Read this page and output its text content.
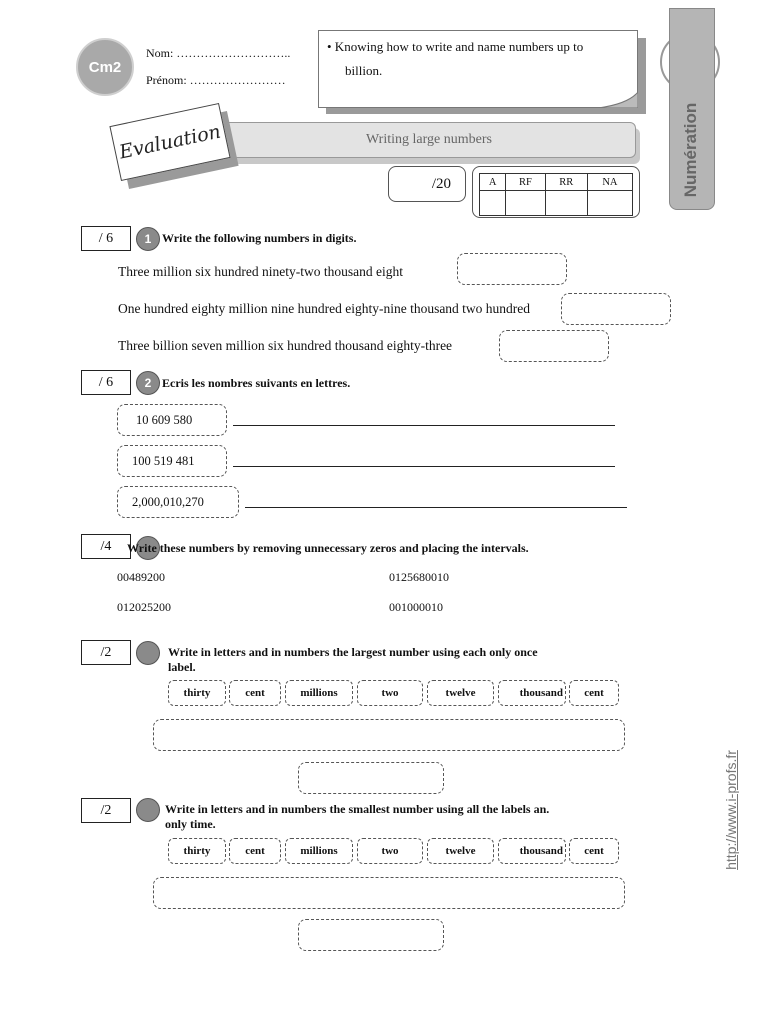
Cm2
Nom: ………………………..
Prénom: ……………………
• Knowing how to write and name numbers up to
billion.
Numération
Writing large numbers
Evaluation
/20	A	RF	RR	NA

/ 6	1 Write the following numbers in digits.
Three million six hundred ninety-two thousand eight
One hundred eighty million nine hundred eighty-nine thousand two hundred
Three billion seven million six hundred thousand eighty-three
/ 6	2 Ecris les nombres suivants en lettres.
10 609 580
100 519 481
2,000,010,270
/4 Write these numbers by removing unnecessary zeros and placing the intervals.
00489200	0125680010
012025200	001000010
/2	Write in letters and in numbers the largest number using each only once
label.
thirty	cent	millions	two	twelve	thousand	cent
/2	Write in letters and in numbers the smallest number using all the labels an.
only time.
thirty	cent	millions	two	twelve	thousand	cent	http://www.i-profs.fr
